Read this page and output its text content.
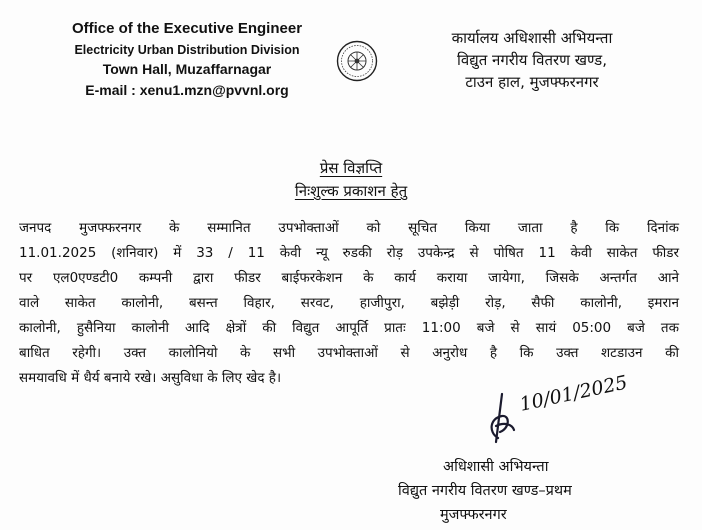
Office of the Executive Engineer
Electricity Urban Distribution Division
Town Hall, Muzaffarnagar
E-mail : xenu1.mzn@pvvnl.org
कार्यालय अधिशासी अभियन्ता
विद्युत नगरीय वितरण खण्ड,
टाउन हाल, मुजफ्फरनगर
प्रेस विज्ञप्ति
निःशुल्क प्रकाशन हेतु
जनपद मुजफ्फरनगर के सम्मानित उपभोक्ताओं को सूचित किया जाता है कि दिनांक
11.01.2025 (शनिवार) में 33 / 11 केवी न्यू रुडकी रोड़ उपकेन्द्र से पोषित 11 केवी साकेत फीडर
पर एल0एण्डटी0 कम्पनी द्वारा फीडर बाईफरकेशन के कार्य कराया जायेगा, जिसके अन्तर्गत आने
वाले साकेत कालोनी, बसन्त विहार, सरवट, हाजीपुरा, बझेड़ी रोड़, सैफी कालोनी, इमरान
कालोनी, हुसैनिया कालोनी आदि क्षेत्रों की विद्युत आपूर्ति प्रातः 11:00 बजे से सायं 05:00 बजे तक
बाधित रहेगी। उक्त कालोनियो के सभी उपभोक्ताओं से अनुरोध है कि उक्त शटडाउन की
समयावधि में धैर्य बनाये रखे। असुविधा के लिए खेद है।	10/01/2025
अधिशासी अभियन्ता
विद्युत नगरीय वितरण खण्ड–प्रथम
मुजफ्फरनगर
